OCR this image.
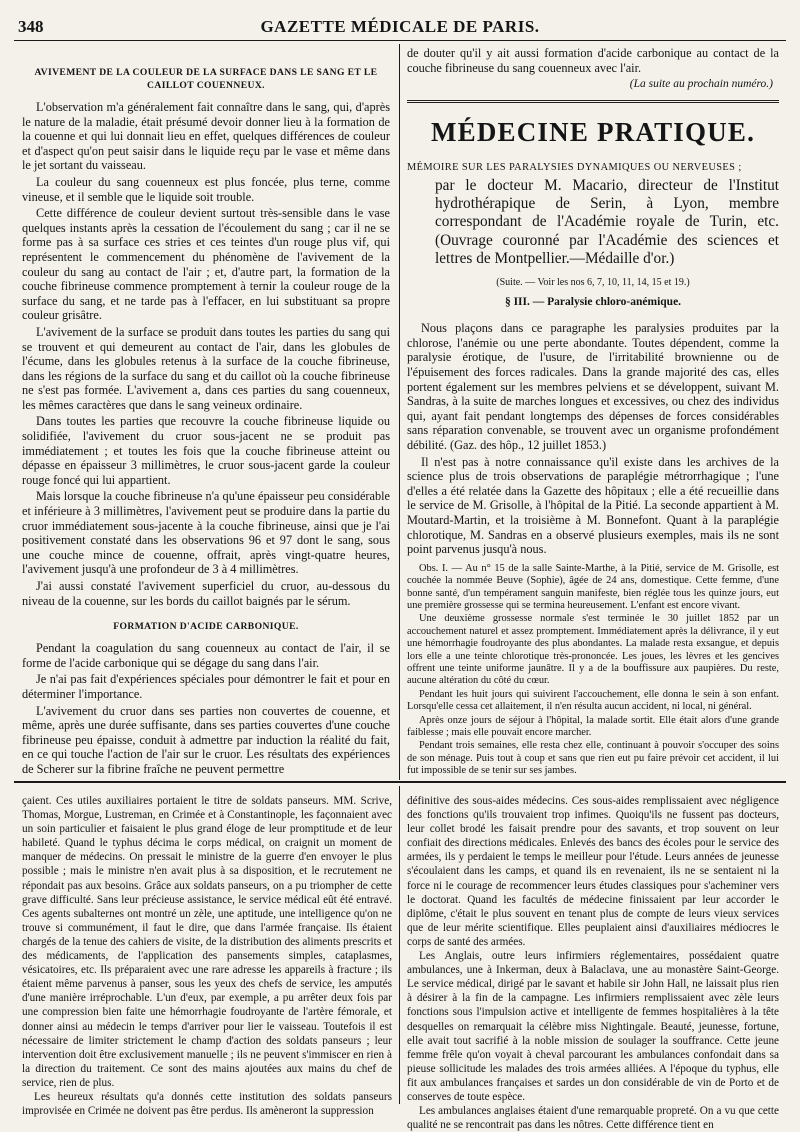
348	GAZETTE MÉDICALE DE PARIS.
AVIVEMENT DE LA COULEUR DE LA SURFACE DANS LE SANG ET LE CAILLOT COUENNEUX.

L'observation m'a généralement fait connaître dans le sang, qui, d'après le nature de la maladie, était présumé devoir donner lieu à la formation de la couenne et qui lui donnait lieu en effet, quelques différences de couleur et d'aspect qu'on peut saisir dans le liquide reçu par le vase et même dans le jet sortant du vaisseau.

La couleur du sang couenneux est plus foncée, plus terne, comme vineuse, et il semble que le liquide soit trouble.

Cette différence de couleur devient surtout très-sensible dans le vase quelques instants après la cessation de l'écoulement du sang ; car il ne se forme pas à sa surface ces stries et ces teintes d'un rouge plus vif, qui représentent le commencement du phénomène de l'avivement de la couleur du sang au contact de l'air ; et, d'autre part, la formation de la couche fibrineuse commence promptement à ternir la couleur rouge de la surface du sang, et ne tarde pas à l'effacer, en lui substituant sa propre couleur grisâtre.

L'avivement de la surface se produit dans toutes les parties du sang qui se trouvent et qui demeurent au contact de l'air, dans les globules de l'écume, dans les globules retenus à la surface de la couche fibrineuse, dans les régions de la surface du sang et du caillot où la couche fibrineuse ne s'est pas formée. L'avivement a, dans ces parties du sang couenneux, les mêmes caractères que dans le sang veineux ordinaire.

Dans toutes les parties que recouvre la couche fibrineuse liquide ou solidifiée, l'avivement du cruor sous-jacent ne se produit pas immédiatement ; et toutes les fois que la couche fibrineuse atteint ou dépasse en épaisseur 3 millimètres, le cruor sous-jacent garde la couleur rouge foncé qui lui appartient.

Mais lorsque la couche fibrineuse n'a qu'une épaisseur peu considérable et inférieure à 3 millimètres, l'avivement peut se produire dans la partie du cruor immédiatement sous-jacente à la couche fibrineuse, ainsi que je l'ai positivement constaté dans les observations 96 et 97 dont le sang, sous une couche mince de couenne, offrait, après vingt-quatre heures, l'avivement jusqu'à une profondeur de 3 à 4 millimètres.

J'ai aussi constaté l'avivement superficiel du cruor, au-dessous du niveau de la couenne, sur les bords du caillot baignés par le sérum.

FORMATION D'ACIDE CARBONIQUE.

Pendant la coagulation du sang couenneux au contact de l'air, il se forme de l'acide carbonique qui se dégage du sang dans l'air.

Je n'ai pas fait d'expériences spéciales pour démontrer le fait et pour en déterminer l'importance.

L'avivement du cruor dans ses parties non couvertes de couenne, et même, après une durée suffisante, dans ses parties couvertes d'une couche fibrineuse peu épaisse, conduit à admettre par induction la réalité du fait, en ce qui touche l'action de l'air sur le cruor. Les résultats des expériences de Scherer sur la fibrine fraîche ne peuvent permettre

de douter qu'il y ait aussi formation d'acide carbonique au contact de la couche fibrineuse du sang couenneux avec l'air.

(La suite au prochain numéro.)
MÉDECINE PRATIQUE.
MÉMOIRE SUR LES PARALYSIES DYNAMIQUES OU NERVEUSES ;
par le docteur M. Macario, directeur de l'Institut hydrothérapique de Serin, à Lyon, membre correspondant de l'Académie royale de Turin, etc. (Ouvrage couronné par l'Académie des sciences et lettres de Montpellier.—Médaille d'or.)
(Suite. — Voir les nos 6, 7, 10, 11, 14, 15 et 19.)
§ III. — Paralysie chloro-anémique.

Nous plaçons dans ce paragraphe les paralysies produites par la chlorose, l'anémie ou une perte abondante. Toutes dépendent, comme la paralysie érotique, de l'usure, de l'irritabilité brownienne ou de l'épuisement des forces radicales. Dans la grande majorité des cas, elles portent également sur les membres pelviens et se développent, suivant M. Sandras, à la suite de marches longues et excessives, ou chez des individus qui, ayant fait pendant longtemps des dépenses de forces considérables sans réparation convenable, se trouvent avec un organisme profondément débilité. (Gaz. des hôp., 12 juillet 1853.)

Il n'est pas à notre connaissance qu'il existe dans les archives de la science plus de trois observations de paraplégie métrorrhagique ; l'une d'elles a été relatée dans la Gazette des hôpitaux ; elle a été recueillie dans le service de M. Grisolle, à l'hôpital de la Pitié. La seconde appartient à M. Moutard-Martin, et la troisième à M. Bonnefont. Quant à la paraplégie chlorotique, M. Sandras en a observé plusieurs exemples, mais ils ne sont point parvenus jusqu'à nous.

Obs. I. — Au n° 15 de la salle Sainte-Marthe, à la Pitié, service de M. Grisolle, est couchée la nommée Beuve (Sophie), âgée de 24 ans, domestique. Cette femme, d'une bonne santé, d'un tempérament sanguin manifeste, bien réglée tous les quinze jours, eut une première grossesse qui se termina heureusement. L'enfant est encore vivant.

Une deuxième grossesse normale s'est terminée le 30 juillet 1852 par un accouchement naturel et assez promptement. Immédiatement après la délivrance, il y eut une hémorrhagie foudroyante des plus abondantes. La malade resta exsangue, et depuis lors elle a une teinte chlorotique très-prononcée. Les joues, les lèvres et les gencives offrent une teinte uniforme jaunâtre. Il y a de la bouffissure aux paupières. Du reste, aucune altération du côté du cœur.

Pendant les huit jours qui suivirent l'accouchement, elle donna le sein à son enfant. Lorsqu'elle cessa cet allaitement, il n'en résulta aucun accident, ni local, ni général.

Après onze jours de séjour à l'hôpital, la malade sortit. Elle était alors d'une grande faiblesse ; mais elle pouvait encore marcher.

Pendant trois semaines, elle resta chez elle, continuant à pouvoir s'occuper des soins de son ménage. Puis tout à coup et sans que rien eut pu faire prévoir cet accident, il lui fut impossible de se tenir sur ses jambes.

çaient. Ces utiles auxiliaires portaient le titre de soldats panseurs. MM. Scrive, Thomas, Morgue, Lustreman, en Crimée et à Constantinople, les façonnaient avec un soin particulier et faisaient le plus grand éloge de leur promptitude et de leur habileté. Quand le typhus décima le corps médical, on craignit un moment de manquer de médecins. On pressait le ministre de la guerre d'en envoyer le plus possible ; mais le ministre n'en avait plus à sa disposition, et le recrutement ne répondait pas aux besoins. Grâce aux soldats panseurs, on a pu triompher de cette grave difficulté. Sans leur précieuse assistance, le service médical eût été entravé. Ces agents subalternes ont montré un zèle, une aptitude, une intelligence qu'on ne trouve si communément, il faut le dire, que dans l'armée française. Ils étaient chargés de la tenue des cahiers de visite, de la distribution des aliments prescrits et des médicaments, de l'application des pansements simples, cataplasmes, vésicatoires, etc. Ils préparaient avec une rare adresse les appareils à fracture ; ils étaient même parvenus à panser, sous les yeux des chefs de service, les amputés d'une manière irréprochable. L'un d'eux, par exemple, a pu arrêter deux fois par une compression bien faite une hémorrhagie foudroyante de l'artère fémorale, et donner ainsi au médecin le temps d'arriver pour lier le vaisseau. Toutefois il est nécessaire de limiter strictement le champ d'action des soldats panseurs ; leur intervention doit être exclusivement manuelle ; ils ne peuvent s'immiscer en rien à la direction du traitement. Ce sont des mains ajoutées aux mains du chef de service, rien de plus.

Les heureux résultats qu'a donnés cette institution des soldats panseurs improvisée en Crimée ne doivent pas être perdus. Ils amèneront la suppression

définitive des sous-aides médecins. Ces sous-aides remplissaient avec négligence des fonctions qu'ils trouvaient trop infimes. Quoiqu'ils ne fussent pas docteurs, leur collet brodé les faisait prendre pour des savants, et trop souvent on leur confiait des directions médicales. Enlevés des bancs des écoles pour le service des armées, ils y perdaient le temps le meilleur pour l'étude. Leurs années de jeunesse s'écoulaient dans les camps, et quand ils en revenaient, ils ne se sentaient ni la force ni le courage de recommencer leurs études classiques pour s'acheminer vers le doctorat. Quand les facultés de médecine finissaient par leur accorder le diplôme, c'était le plus souvent en tenant plus de compte de leurs vieux services que de leur mérite scientifique. Elles peuplaient ainsi d'auxiliaires médiocres le corps de santé des armées.

Les Anglais, outre leurs infirmiers réglementaires, possédaient quatre ambulances, une à Inkerman, deux à Balaclava, une au monastère Saint-George. Le service médical, dirigé par le savant et habile sir John Hall, ne laissait plus rien à désirer à la fin de la campagne. Les infirmiers remplissaient avec zèle leurs fonctions sous l'impulsion active et intelligente de femmes hospitalières à la tête desquelles on remarquait la célèbre miss Nightingale. Beauté, jeunesse, fortune, elle avait tout sacrifié à la noble mission de soulager la souffrance. Cette jeune femme frêle qu'on voyait à cheval parcourant les ambulances confondait dans sa pieuse sollicitude les malades des trois armées alliées. A l'époque du typhus, elle fit aux ambulances françaises et sardes un don considérable de vin de Porto et de conserves de toute espèce.

Les ambulances anglaises étaient d'une remarquable propreté. On a vu que cette qualité ne se rencontrait pas dans les nôtres. Cette différence tient en
